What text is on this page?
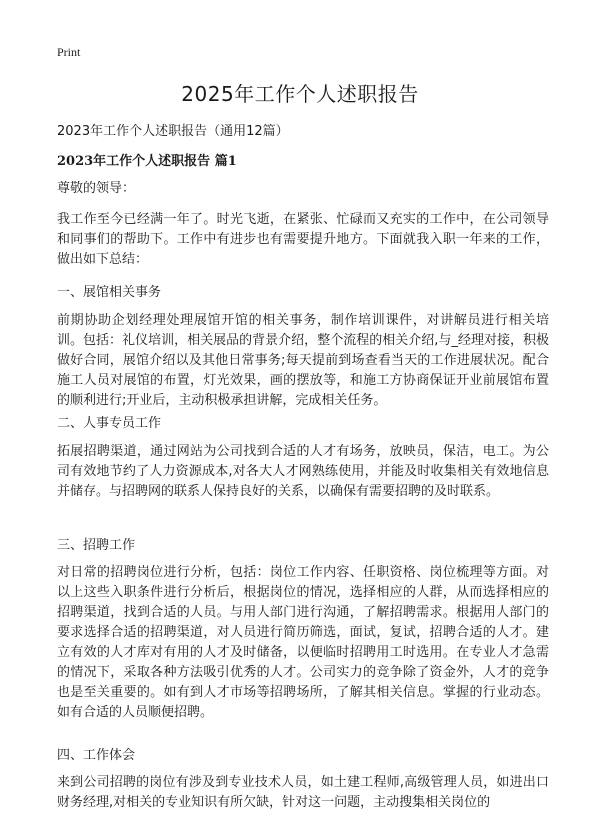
Print
2025年工作个人述职报告
2023年工作个人述职报告（通用12篇）
2023年工作个人述职报告 篇1

尊敬的领导：

我工作至今已经满一年了。时光飞逝，在紧张、忙碌而又充实的工作中，在公司领导和同事们的帮助下。工作中有进步也有需要提升地方。下面就我入职一年来的工作，做出如下总结：

一、展馆相关事务

前期协助企划经理处理展馆开馆的相关事务，制作培训课件，对讲解员进行相关培训。包括：礼仪培训，相关展品的背景介绍，整个流程的相关介绍,与_经理对接，积极做好合同，展馆介绍以及其他日常事务;每天提前到场查看当天的工作进展状况。配合施工人员对展馆的布置，灯光效果，画的摆放等，和施工方协商保证开业前展馆布置的顺利进行;开业后，主动积极承担讲解，完成相关任务。

二、人事专员工作

拓展招聘渠道，通过网站为公司找到合适的人才有场务，放映员，保洁，电工。为公司有效地节约了人力资源成本,对各大人才网熟练使用，并能及时收集相关有效地信息并储存。与招聘网的联系人保持良好的关系，以确保有需要招聘的及时联系。

三、招聘工作

对日常的招聘岗位进行分析，包括：岗位工作内容、任职资格、岗位梳理等方面。对以上这些入职条件进行分析后，根据岗位的情况，选择相应的人群，从而选择相应的招聘渠道，找到合适的人员。与用人部门进行沟通，了解招聘需求。根据用人部门的要求选择合适的招聘渠道，对人员进行简历筛选，面试，复试，招聘合适的人才。建立有效的人才库对有用的人才及时储备，以便临时招聘用工时选用。在专业人才急需的情况下，采取各种方法吸引优秀的人才。公司实力的竞争除了资金外，人才的竞争也是至关重要的。如有到人才市场等招聘场所，了解其相关信息。掌握的行业动态。如有合适的人员顺便招聘。

四、工作体会

来到公司招聘的岗位有涉及到专业技术人员，如土建工程师,高级管理人员，如进出口财务经理,对相关的专业知识有所欠缺，针对这一问题，主动搜集相关岗位的
